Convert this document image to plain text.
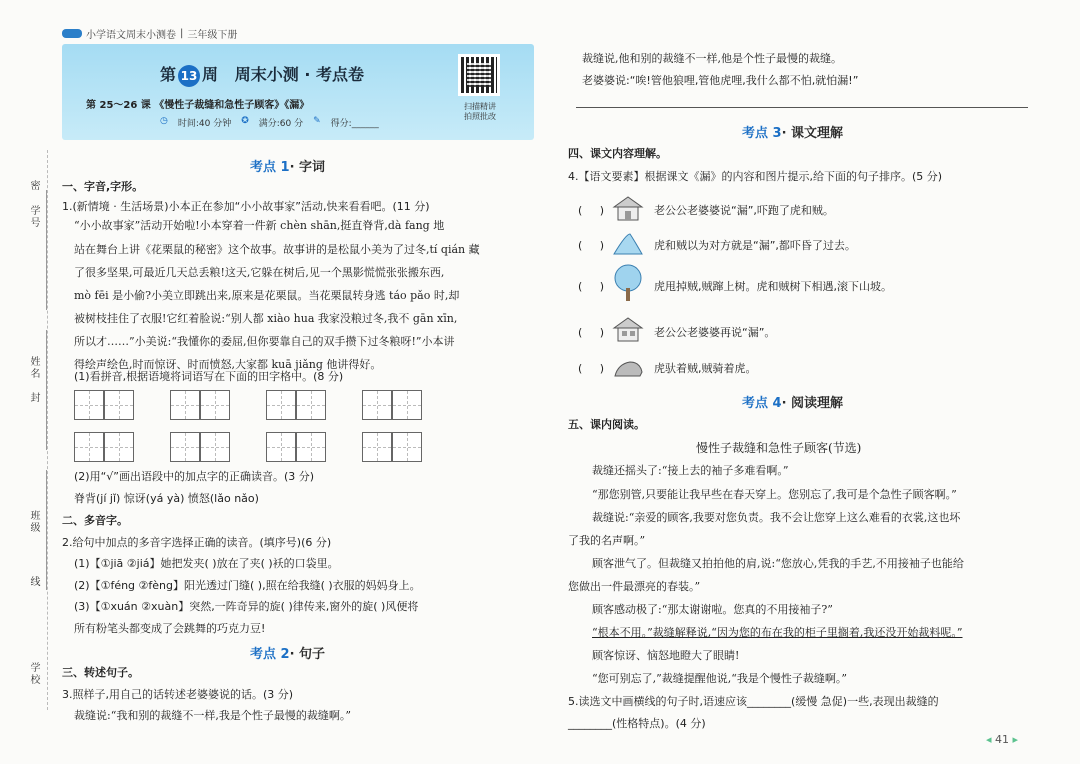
密
学号
姓名
封
班级
线
学校
小学语文周末小测卷 | 三年级下册
第 13 周 周末小测 · 考点卷
第 25～26 课 《慢性子裁缝和急性子顾客》《漏》
◷ 时间:40 分钟 ✪ 满分:60 分 ✎ 得分:______
扫描精讲
拍照批改
考点 1· 字词
一、字音,字形。
1.(新情境 · 生活场景)小本正在参加“小小故事家”活动,快来看看吧。(11 分)
“小小故事家”活动开始啦!小本穿着一件新 chèn shān,挺直脊背,dà fang 地
站在舞台上讲《花栗鼠的秘密》这个故事。故事讲的是松鼠小美为了过冬,tí qián 藏
了很多坚果,可最近几天总丢粮!这天,它躲在树后,见一个黑影慌慌张张搬东西,
mò fēi 是小偷?小美立即跳出来,原来是花栗鼠。当花栗鼠转身逃 táo pǎo 时,却
被树枝挂住了衣服!它红着脸说:“别人都 xiào hua 我家没粮过冬,我不 gān xīn,
所以才……”小美说:“我懂你的委屈,但你要靠自己的双手攒下过冬粮呀!”小本讲
得绘声绘色,时而惊讶、时而愤怒,大家都 kuā jiǎng 他讲得好。
(1)看拼音,根据语境将词语写在下面的田字格中。(8 分)
(2)用“√”画出语段中的加点字的正确读音。(3 分)
脊背(jí jǐ) 惊讶(yá yà) 愤怒(lǎo nǎo)
二、多音字。
2.给句中加点的多音字选择正确的读音。(填序号)(6 分)
(1)【①jiā ②jiá】她把发夹( )放在了夹( )袄的口袋里。
(2)【①féng ②fèng】阳光透过门缝( ),照在给我缝( )衣服的妈妈身上。
(3)【①xuán ②xuàn】突然,一阵奇异的旋( )律传来,窗外的旋( )风便将
所有粉笔头都变成了会跳舞的巧克力豆!
考点 2· 句子
三、转述句子。
3.照样子,用自己的话转述老婆婆说的话。(3 分)
裁缝说:“我和别的裁缝不一样,我是个性子最慢的裁缝啊。”
裁缝说,他和别的裁缝不一样,他是个性子最慢的裁缝。
老婆婆说:“唉!管他狼哩,管他虎哩,我什么都不怕,就怕漏!”
考点 3· 课文理解
四、课文内容理解。
4.【语文要素】根据课文《漏》的内容和图片提示,给下面的句子排序。(5 分)
(     )	老公公老婆婆说“漏”,吓跑了虎和贼。
(     )	虎和贼以为对方就是“漏”,都吓昏了过去。
(     )	虎甩掉贼,贼蹿上树。虎和贼树下相遇,滚下山坡。
(     )	老公公老婆婆再说“漏”。
(     )	虎驮着贼,贼骑着虎。
考点 4· 阅读理解
五、课内阅读。
慢性子裁缝和急性子顾客(节选)
裁缝还摇头了:“接上去的袖子多难看啊。”
“那您别管,只要能让我早些在春天穿上。您别忘了,我可是个急性子顾客啊。”
裁缝说:“亲爱的顾客,我要对您负责。我不会让您穿上这么难看的衣裳,这也坏
了我的名声啊。”
顾客泄气了。但裁缝又拍拍他的肩,说:“您放心,凭我的手艺,不用接袖子也能给
您做出一件最漂亮的春装。”
顾客感动极了:“那太谢谢啦。您真的不用接袖子?”
“根本不用。”裁缝解释说,“因为您的布在我的柜子里搁着,我还没开始裁料呢。”
顾客惊讶、恼怒地瞪大了眼睛!
“您可别忘了,”裁缝提醒他说,“我是个慢性子裁缝啊。”
5.读选文中画横线的句子时,语速应该________(缓慢 急促)一些,表现出裁缝的
________(性格特点)。(4 分)
◂ 41 ▸
